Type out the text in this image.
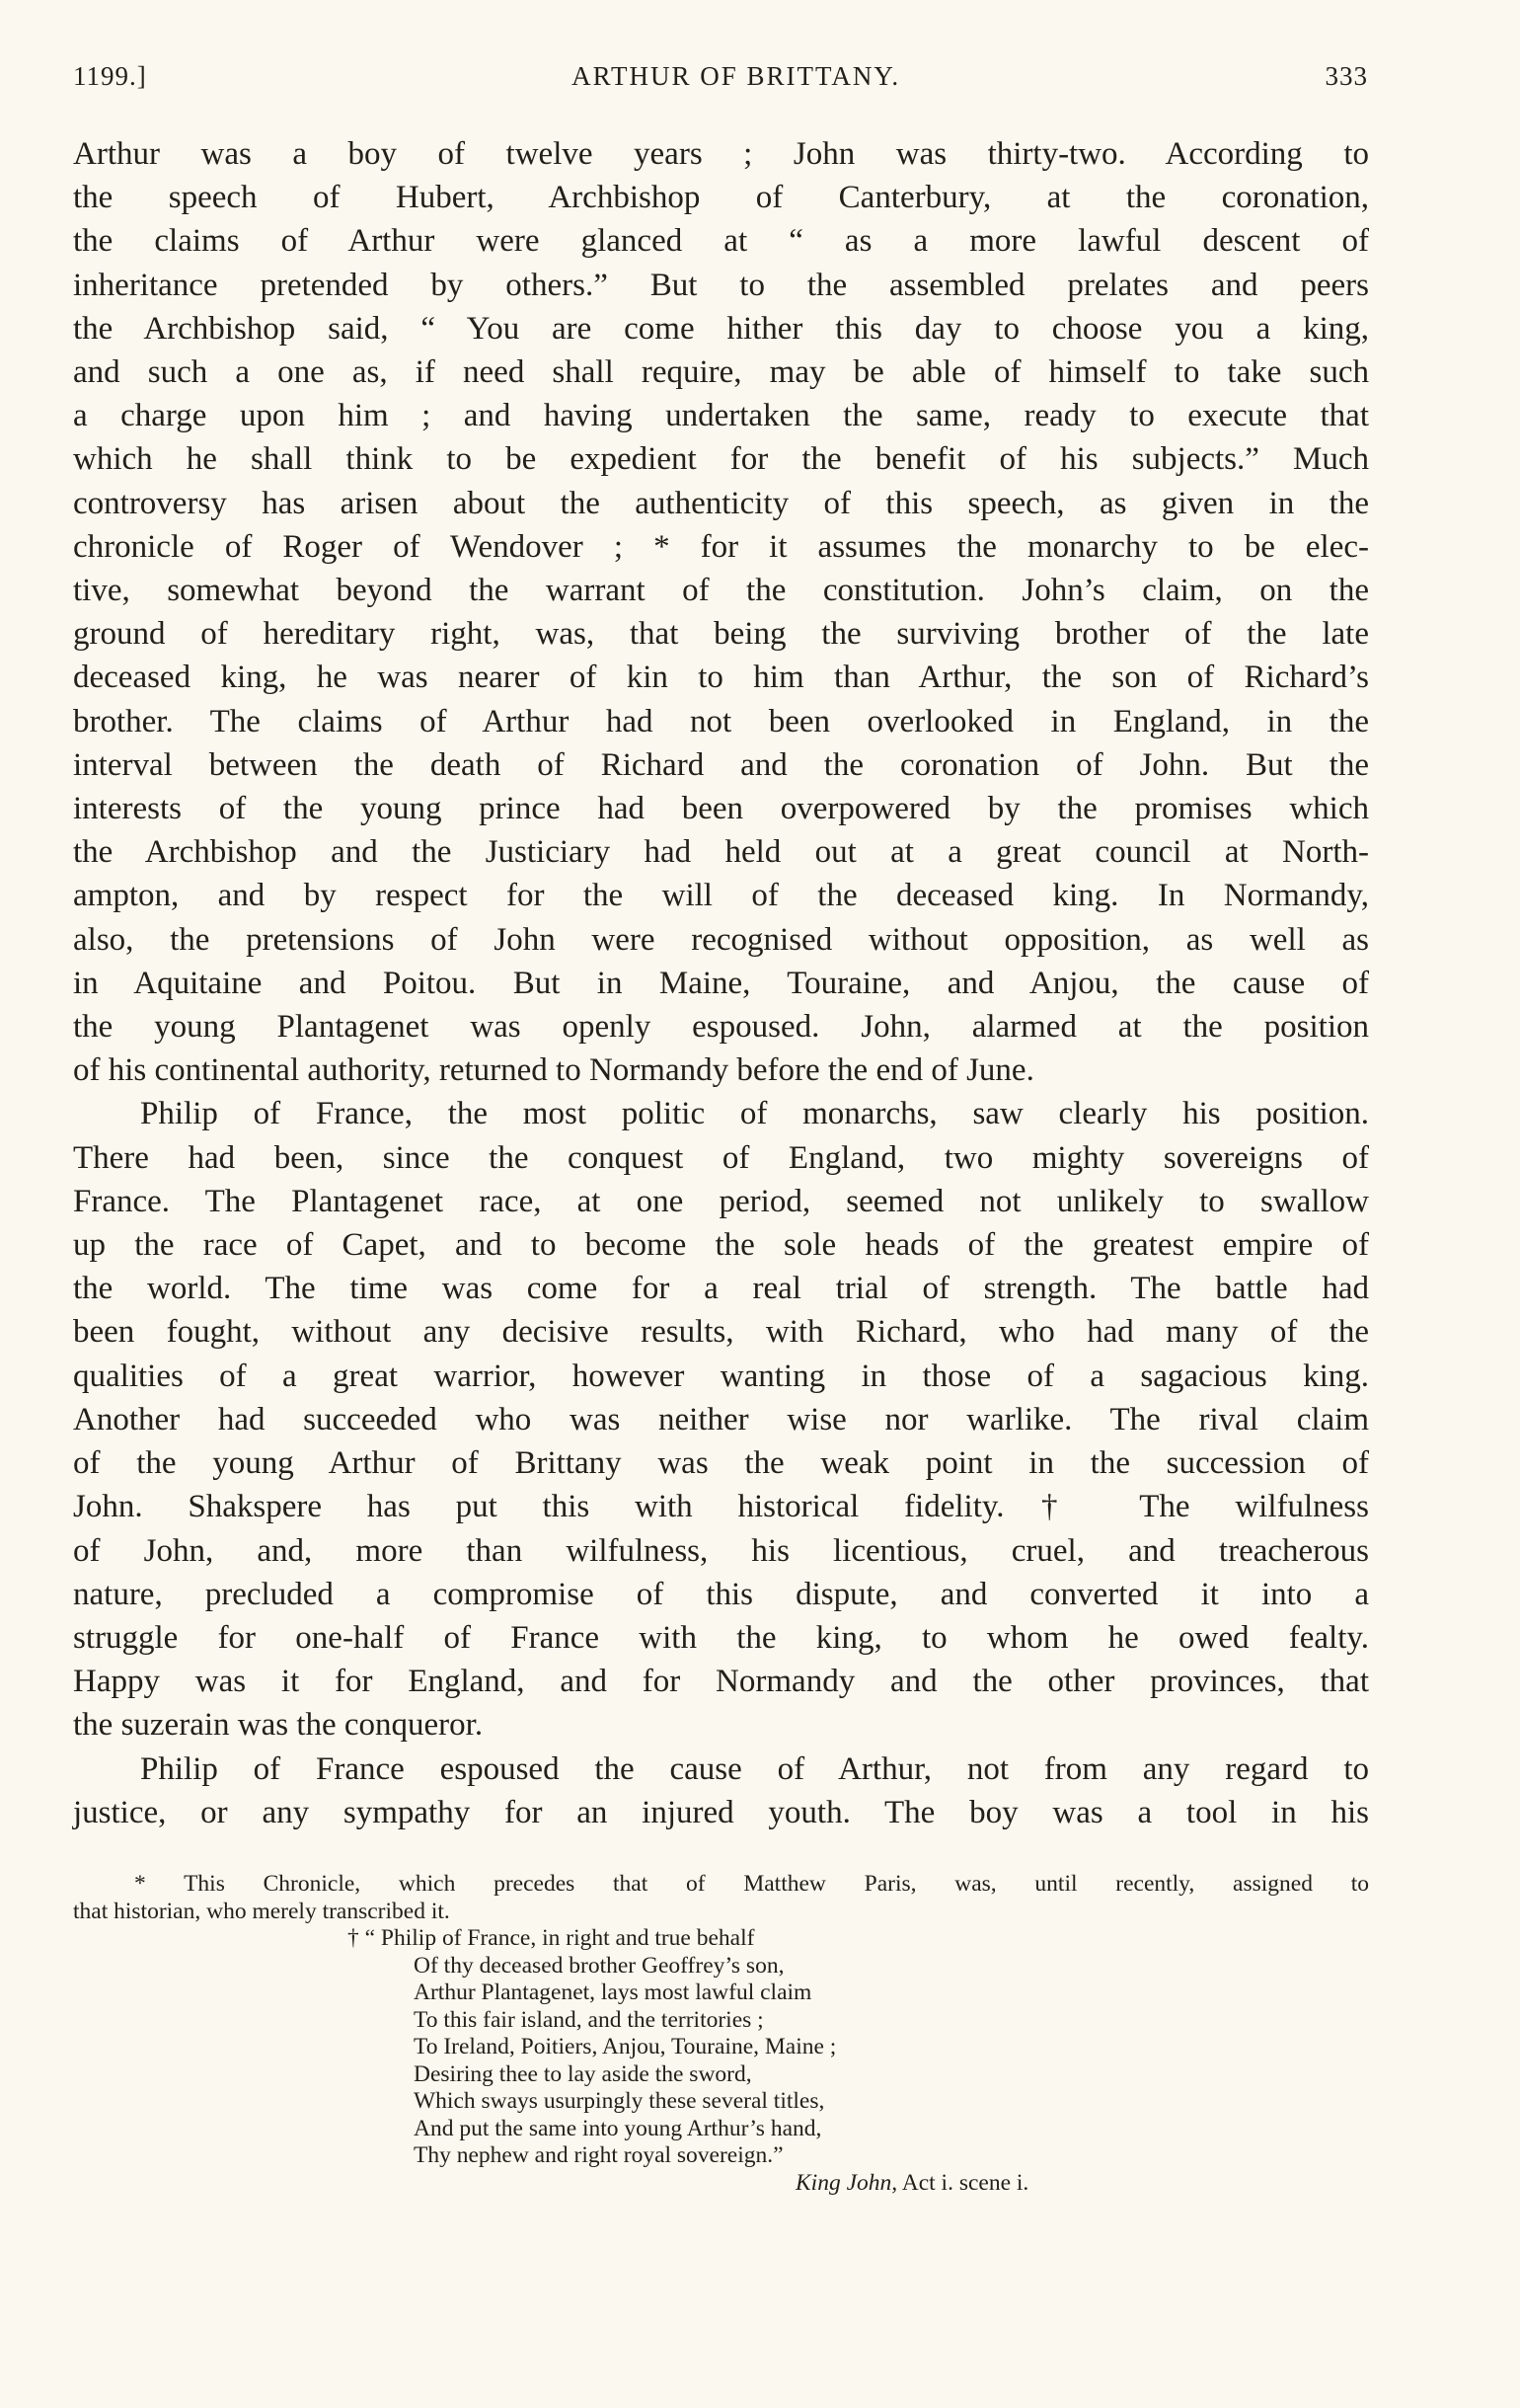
1199.]	ARTHUR OF BRITTANY.	333
Arthur was a boy of twelve years ; John was thirty-two. According to
the speech of Hubert, Archbishop of Canterbury, at the coronation,
the claims of Arthur were glanced at “ as a more lawful descent of
inheritance pretended by others.” But to the assembled prelates and peers
the Archbishop said, “ You are come hither this day to choose you a king,
and such a one as, if need shall require, may be able of himself to take such
a charge upon him ; and having undertaken the same, ready to execute that
which he shall think to be expedient for the benefit of his subjects.” Much
controversy has arisen about the authenticity of this speech, as given in the
chronicle of Roger of Wendover ; * for it assumes the monarchy to be elec-
tive, somewhat beyond the warrant of the constitution. John’s claim, on the
ground of hereditary right, was, that being the surviving brother of the late
deceased king, he was nearer of kin to him than Arthur, the son of Richard’s
brother. The claims of Arthur had not been overlooked in England, in the
interval between the death of Richard and the coronation of John. But the
interests of the young prince had been overpowered by the promises which
the Archbishop and the Justiciary had held out at a great council at North-
ampton, and by respect for the will of the deceased king. In Normandy,
also, the pretensions of John were recognised without opposition, as well as
in Aquitaine and Poitou. But in Maine, Touraine, and Anjou, the cause of
the young Plantagenet was openly espoused. John, alarmed at the position
of his continental authority, returned to Normandy before the end of June.
Philip of France, the most politic of monarchs, saw clearly his position.
There had been, since the conquest of England, two mighty sovereigns of
France. The Plantagenet race, at one period, seemed not unlikely to swallow
up the race of Capet, and to become the sole heads of the greatest empire of
the world. The time was come for a real trial of strength. The battle had
been fought, without any decisive results, with Richard, who had many of the
qualities of a great warrior, however wanting in those of a sagacious king.
Another had succeeded who was neither wise nor warlike. The rival claim
of the young Arthur of Brittany was the weak point in the succession of
John. Shakspere has put this with historical fidelity.† The wilfulness
of John, and, more than wilfulness, his licentious, cruel, and treacherous
nature, precluded a compromise of this dispute, and converted it into a
struggle for one-half of France with the king, to whom he owed fealty.
Happy was it for England, and for Normandy and the other provinces, that
the suzerain was the conqueror.
Philip of France espoused the cause of Arthur, not from any regard to
justice, or any sympathy for an injured youth. The boy was a tool in his
* This Chronicle, which precedes that of Matthew Paris, was, until recently, assigned to
that historian, who merely transcribed it.
† “ Philip of France, in right and true behalf
Of thy deceased brother Geoffrey’s son,
Arthur Plantagenet, lays most lawful claim
To this fair island, and the territories ;
To Ireland, Poitiers, Anjou, Touraine, Maine ;
Desiring thee to lay aside the sword,
Which sways usurpingly these several titles,
And put the same into young Arthur’s hand,
Thy nephew and right royal sovereign.”
King John, Act i. scene i.
